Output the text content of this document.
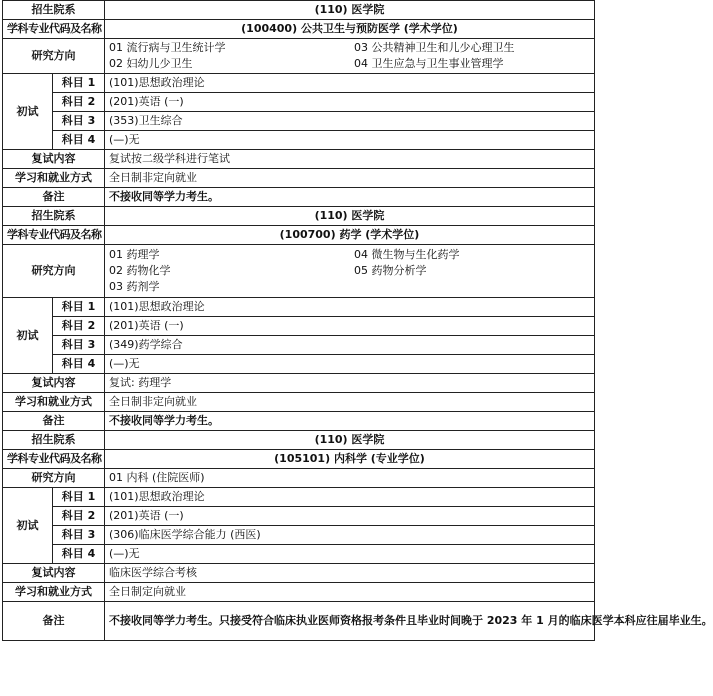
招生院系		(110) 医学院
学科专业代码及名称		(100400) 公共卫生与预防医学 (学术学位)
研究方向		01 流行病与卫生统计学 03 公共精神卫生和儿少心理卫生
02 妇幼儿少卫生 04 卫生应急与卫生事业管理学

初试	科目 1	(101)思想政治理论
	科目 2	(201)英语 (一)
	科目 3	(353)卫生综合
	科目 4	(—)无
复试内容		复试按二级学科进行笔试
学习和就业方式		全日制非定向就业
备注		不接收同等学力考生。
招生院系		(110) 医学院
学科专业代码及名称		(100700) 药学 (学术学位)
研究方向		01 药理学 04 微生物与生化药学
02 药物化学 05 药物分析学
03 药剂学

初试	科目 1	(101)思想政治理论
	科目 2	(201)英语 (一)
	科目 3	(349)药学综合
	科目 4	(—)无
复试内容		复试: 药理学
学习和就业方式		全日制非定向就业
备注		不接收同等学力考生。
招生院系		(110) 医学院
学科专业代码及名称		(105101) 内科学 (专业学位)
研究方向		01 内科 (住院医师)
初试	科目 1	(101)思想政治理论
	科目 2	(201)英语 (一)
	科目 3	(306)临床医学综合能力 (西医)
	科目 4	(—)无
复试内容		临床医学综合考核
学习和就业方式		全日制定向就业
备注		不接收同等学力考生。只接受符合临床执业医师资格报考条件且毕业时间晚于 2023 年 1 月的临床医学本科应往届毕业生。
